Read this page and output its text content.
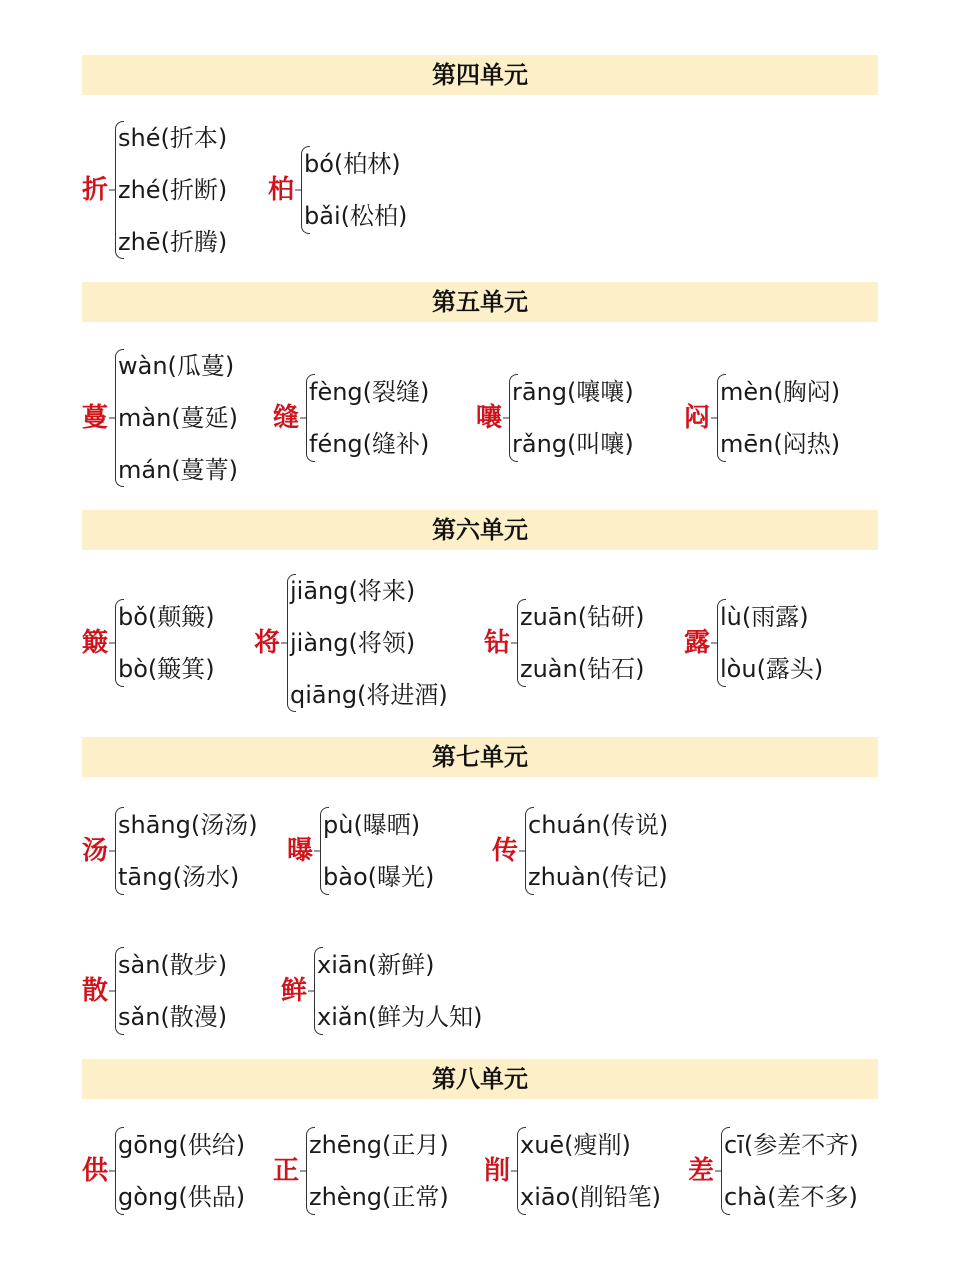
第四单元
第五单元
第六单元
第七单元
第八单元
折
shé(折本)
zhé(折断)
zhē(折腾)
柏
bó(柏林)
bǎi(松柏)
蔓
wàn(瓜蔓)
màn(蔓延)
mán(蔓菁)
缝
fèng(裂缝)
féng(缝补)
嚷
rāng(嚷嚷)
rǎng(叫嚷)
闷
mèn(胸闷)
mēn(闷热)
簸
bǒ(颠簸)
bò(簸箕)
将
jiāng(将来)
jiàng(将领)
qiāng(将进酒)
钻
zuān(钻研)
zuàn(钻石)
露
lù(雨露)
lòu(露头)
汤
shāng(汤汤)
tāng(汤水)
曝
pù(曝晒)
bào(曝光)
传
chuán(传说)
zhuàn(传记)
散
sàn(散步)
sǎn(散漫)
鲜
xiān(新鲜)
xiǎn(鲜为人知)
供
gōng(供给)
gòng(供品)
正
zhēng(正月)
zhèng(正常)
削
xuē(瘦削)
xiāo(削铅笔)
差
cī(参差不齐)
chà(差不多)
